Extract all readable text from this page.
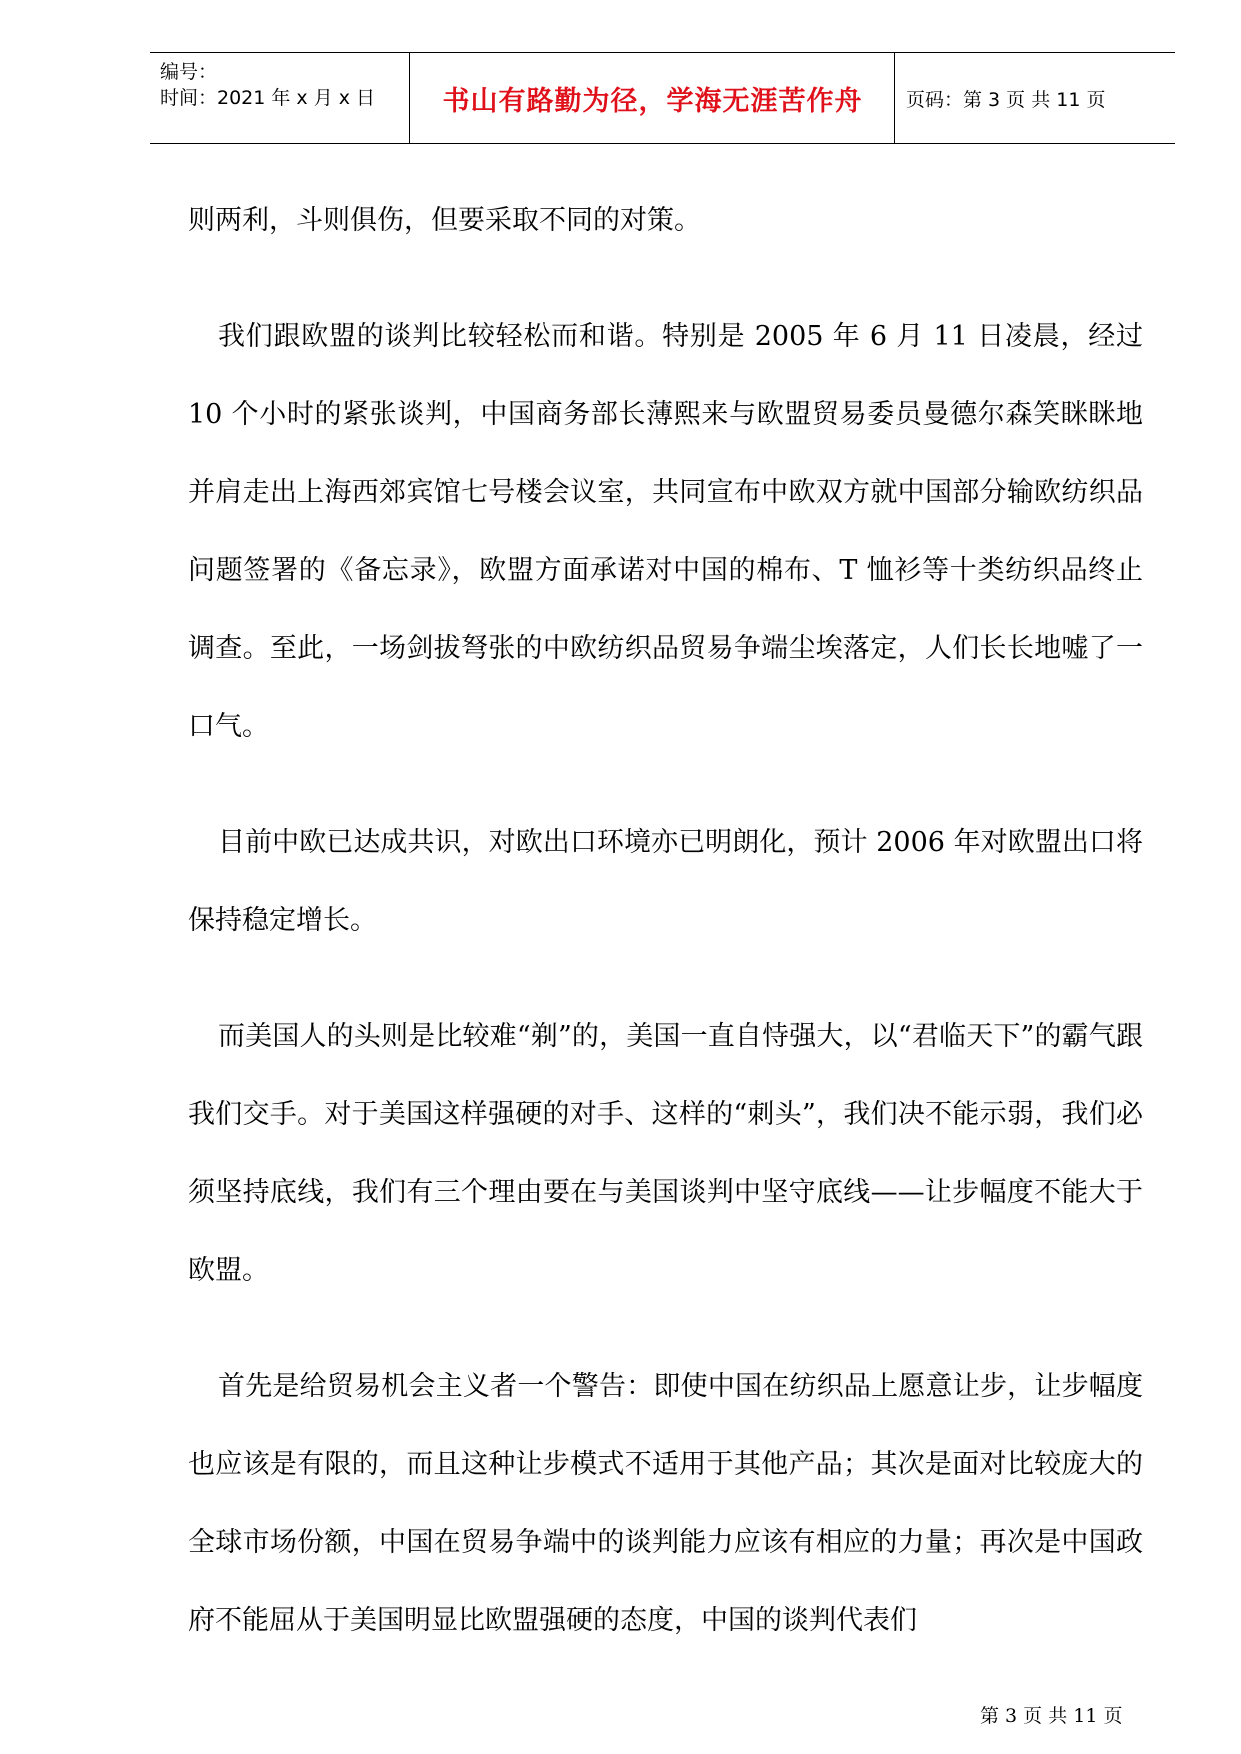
编号：
时间：2021 年 x 月 x 日	书山有路勤为径，学海无涯苦作舟	页码：第 3 页 共 11 页

则两利，斗则俱伤，但要采取不同的对策。

我们跟欧盟的谈判比较轻松而和谐。特别是 2005 年 6 月 11 日凌晨，经过 10 个小时的紧张谈判，中国商务部长薄熙来与欧盟贸易委员曼德尔森笑眯眯地并肩走出上海西郊宾馆七号楼会议室，共同宣布中欧双方就中国部分输欧纺织品问题签署的《备忘录》，欧盟方面承诺对中国的棉布、T 恤衫等十类纺织品终止调查。至此，一场剑拔弩张的中欧纺织品贸易争端尘埃落定，人们长长地嘘了一口气。

目前中欧已达成共识，对欧出口环境亦已明朗化，预计 2006 年对欧盟出口将保持稳定增长。

而美国人的头则是比较难“剃”的，美国一直自恃强大，以“君临天下”的霸气跟我们交手。对于美国这样强硬的对手、这样的“刺头”，我们决不能示弱，我们必须坚持底线，我们有三个理由要在与美国谈判中坚守底线——让步幅度不能大于欧盟。

首先是给贸易机会主义者一个警告：即使中国在纺织品上愿意让步，让步幅度也应该是有限的，而且这种让步模式不适用于其他产品；其次是面对比较庞大的全球市场份额，中国在贸易争端中的谈判能力应该有相应的力量；再次是中国政府不能屈从于美国明显比欧盟强硬的态度，中国的谈判代表们

第 3 页 共 11 页
